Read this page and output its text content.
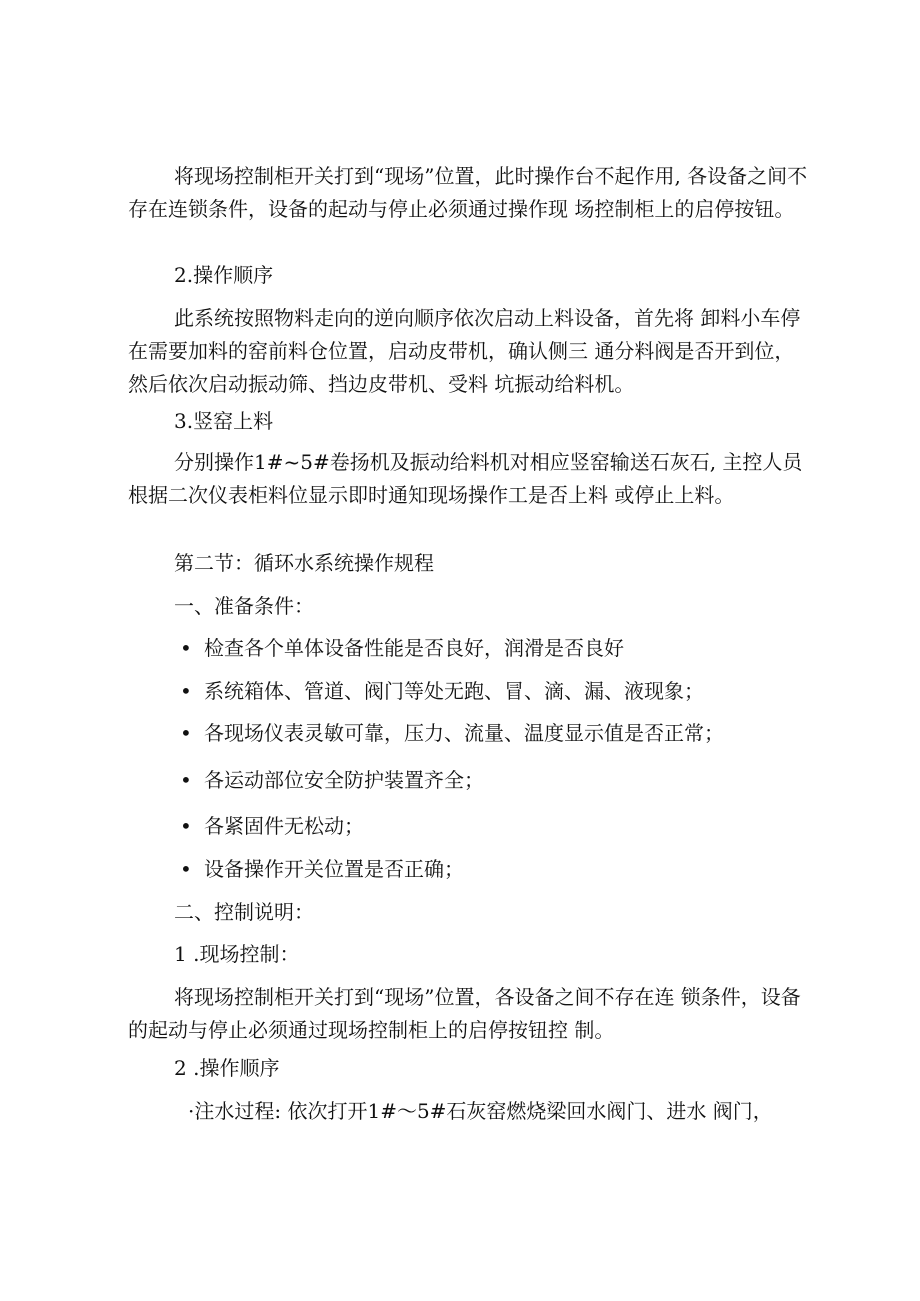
将现场控制柜开关打到“现场”位置，此时操作台不起作用, 各设备之间不存在连锁条件，设备的起动与停止必须通过操作现 场控制柜上的启停按钮。

2.操作顺序

此系统按照物料走向的逆向顺序依次启动上料设备，首先将 卸料小车停在需要加料的窑前料仓位置，启动皮带机，确认侧三 通分料阀是否开到位，然后依次启动振动筛、挡边皮带机、受料 坑振动给料机。

3.竖窑上料

分别操作1#~5#卷扬机及振动给料机对相应竖窑输送石灰石, 主控人员根据二次仪表柜料位显示即时通知现场操作工是否上料 或停止上料。

第二节：循环水系统操作规程
一、准备条件：
• 检查各个单体设备性能是否良好，润滑是否良好
• 系统箱体、管道、阀门等处无跑、冒、滴、漏、液现象；
• 各现场仪表灵敏可靠，压力、流量、温度显示值是否正常；
• 各运动部位安全防护装置齐全；
• 各紧固件无松动；
• 设备操作开关位置是否正确；
二、控制说明：
1 .现场控制：

将现场控制柜开关打到“现场”位置，各设备之间不存在连 锁条件，设备的起动与停止必须通过现场控制柜上的启停按钮控 制。

2 .操作顺序
·注水过程: 依次打开1#～5#石灰窑燃烧梁回水阀门、进水 阀门，
